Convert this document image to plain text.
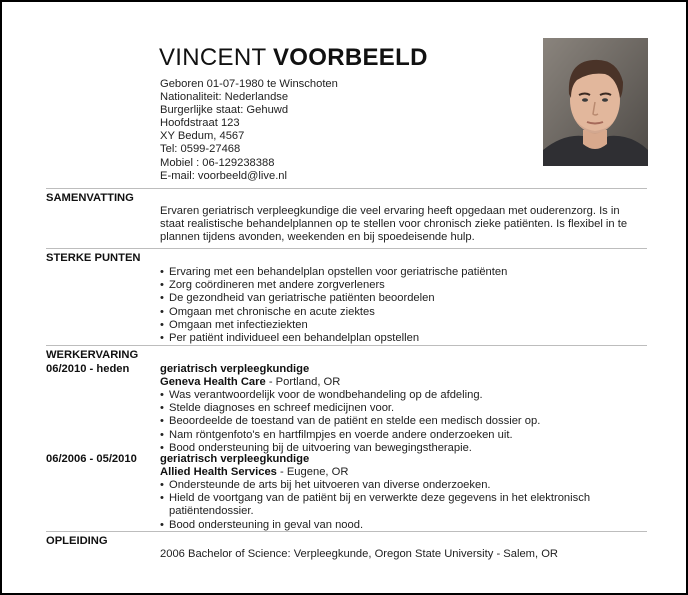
VINCENT VOORBEELD
Geboren 01-07-1980 te Winschoten
Nationaliteit: Nederlandse
Burgerlijke staat: Gehuwd
Hoofdstraat 123
XY Bedum, 4567
Tel: 0599-27468
Mobiel : 06-129238388
E-mail: voorbeeld@live.nl
SAMENVATTING
Ervaren geriatrisch verpleegkundige die veel ervaring heeft opgedaan met ouderenzorg. Is in staat realistische behandelplannen op te stellen voor chronisch zieke patiënten. Is flexibel in te plannen tijdens avonden, weekenden en bij spoedeisende hulp.
STERKE PUNTEN
• Ervaring met een behandelplan opstellen voor geriatrische patiënten
• Zorg coördineren met andere zorgverleners
• De gezondheid van geriatrische patiënten beoordelen
• Omgaan met chronische en acute ziektes
• Omgaan met infectieziekten
• Per patiënt individueel een behandelplan opstellen
WERKERVARING
06/2010 - heden	geriatrisch verpleegkundige
Geneva Health Care - Portland, OR
• Was verantwoordelijk voor de wondbehandeling op de afdeling.
• Stelde diagnoses en schreef medicijnen voor.
• Beoordeelde de toestand van de patiënt en stelde een medisch dossier op.
• Nam röntgenfoto's en hartfilmpjes en voerde andere onderzoeken uit.
• Bood ondersteuning bij de uitvoering van bewegingstherapie.
06/2006 - 05/2010 geriatrisch verpleegkundige
Allied Health Services - Eugene, OR
• Ondersteunde de arts bij het uitvoeren van diverse onderzoeken.
• Hield de voortgang van de patiënt bij en verwerkte deze gegevens in het elektronisch patiëntendossier.
• Bood ondersteuning in geval van nood.
OPLEIDING
2006 Bachelor of Science: Verpleegkunde, Oregon State University - Salem, OR
